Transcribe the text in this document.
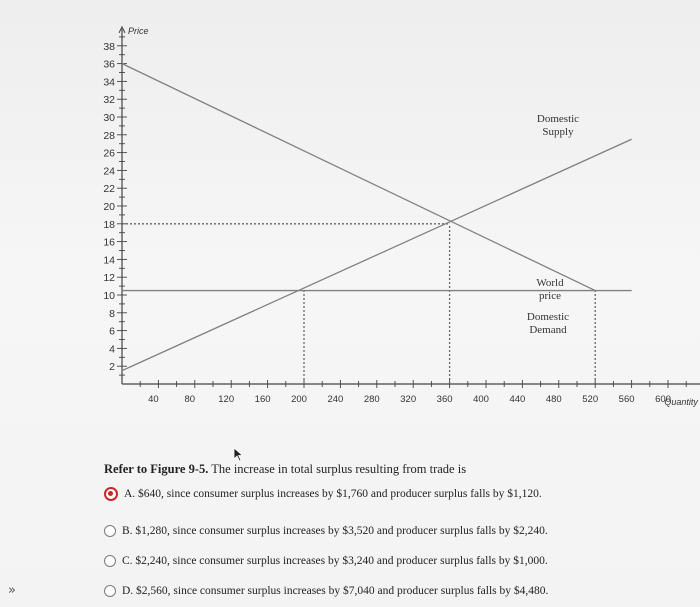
2
4
6
8
10
12
14
16
18
20
22
24
26
28
30
32
34
36
38
40	80 120 160 200 240 280 320 360 400 440 480 520 560 600
Price
Quantity
Domestic
Supply
World
price
Domestic
Demand
Refer to Figure 9-5. The increase in total surplus resulting from trade is
A. $640, since consumer surplus increases by $1,760 and producer surplus falls by $1,120.
B. $1,280, since consumer surplus increases by $3,520 and producer surplus falls by $2,240.
C. $2,240, since consumer surplus increases by $3,240 and producer surplus falls by $1,000.
D. $2,560, since consumer surplus increases by $7,040 and producer surplus falls by $4,480.
»
